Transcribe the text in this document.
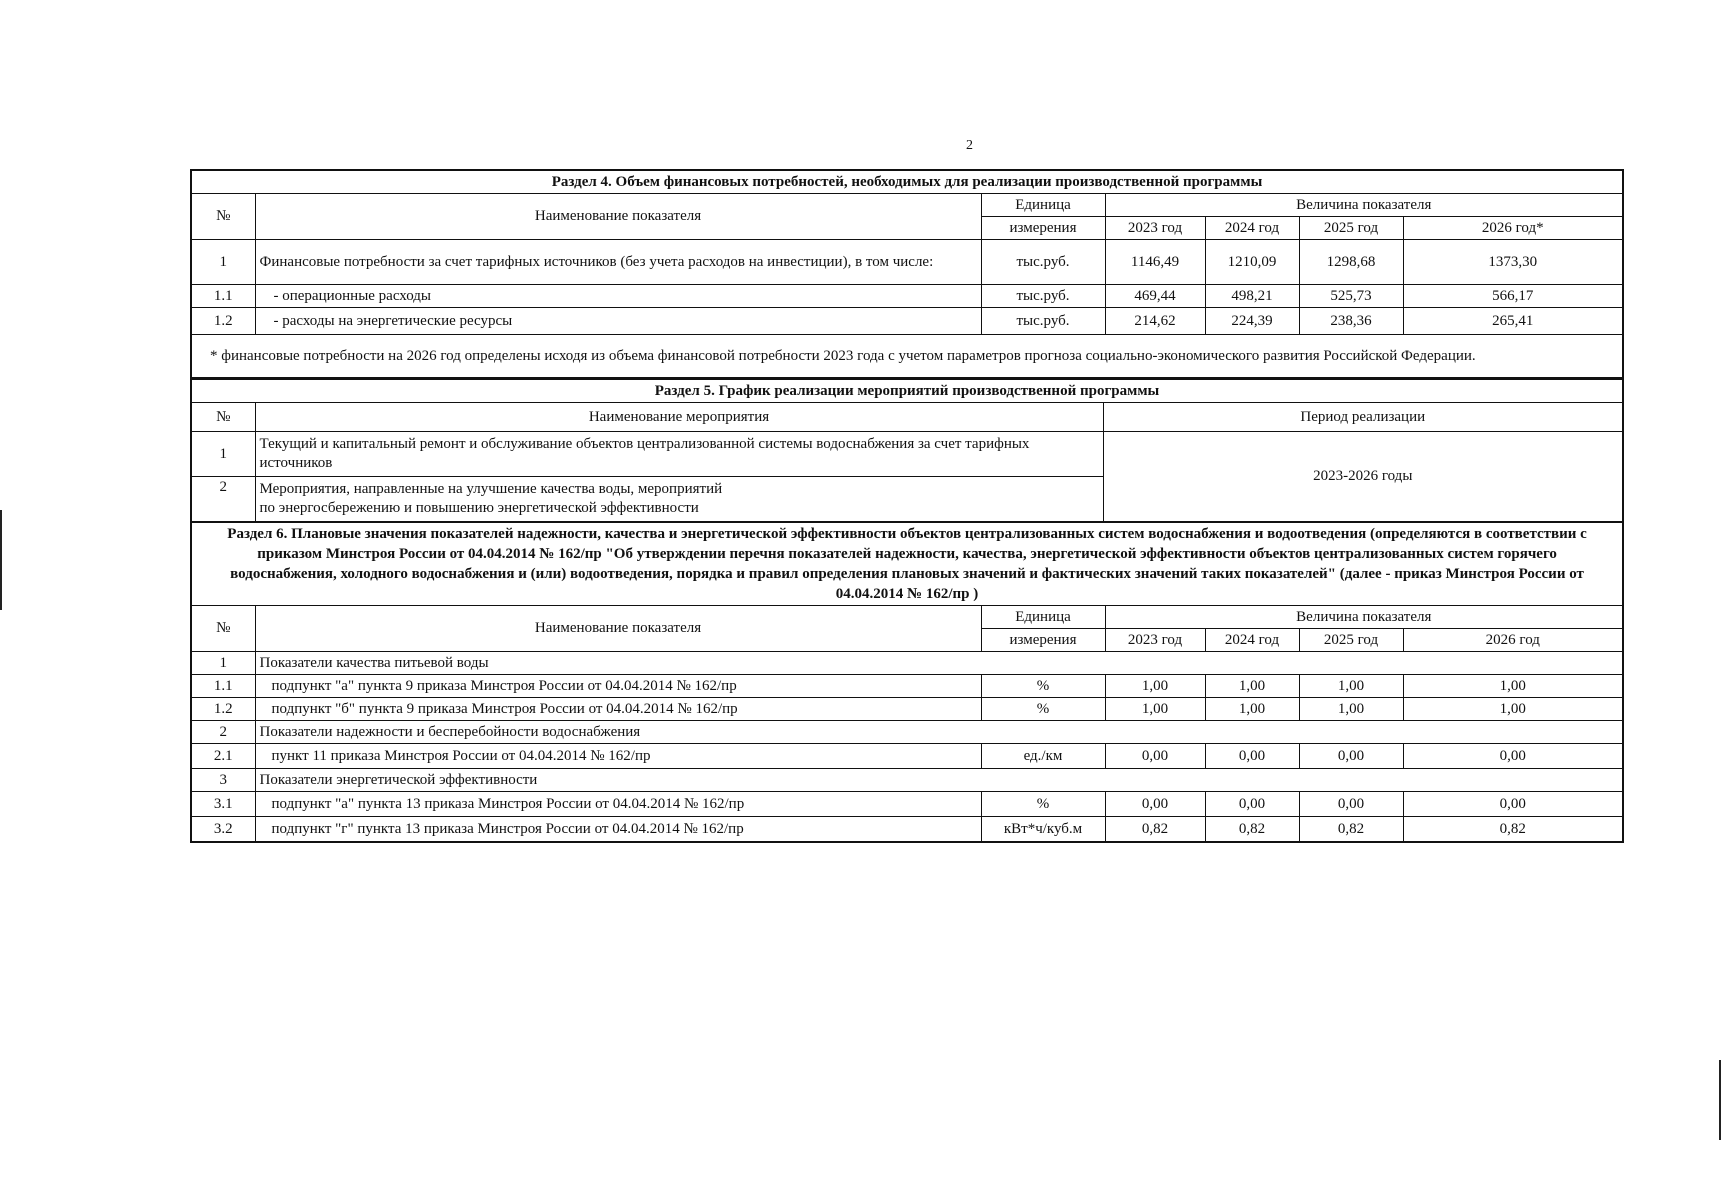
2
Раздел 4. Объем финансовых потребностей, необходимых для реализации производственной программы						
№	Наименование показателя	Единица	Величина показателя			
		измерения	2023 год	2024 год	2025 год	2026 год*
1	Финансовые потребности за счет тарифных источников (без учета расходов на инвестиции), в том числе:	тыс.руб.	1146,49	1210,09	1298,68	1373,30
1.1	- операционные расходы	тыс.руб.	469,44	498,21	525,73	566,17
1.2	- расходы на энергетические ресурсы	тыс.руб.	214,62	224,39	238,36	265,41
* финансовые потребности на 2026 год определены исходя из объема финансовой потребности 2023 года с учетом параметров прогноза социально-экономического развития Российской Федерации.						
Раздел 5. График реализации мероприятий производственной программы		
№	Наименование мероприятия	Период реализации
1	Текущий и капитальный ремонт и обслуживание объектов централизованной системы водоснабжения за счет тарифных источников	2023-2026 годы
2	Мероприятия, направленные на улучшение качества воды, мероприятий
по энергосбережению и повышению энергетической эффективности	
Раздел 6. Плановые значения показателей надежности, качества и энергетической эффективности объектов централизованных систем водоснабжения и водоотведения (определяются в соответствии с приказом Минстроя России от 04.04.2014 № 162/пр "Об утверждении перечня показателей надежности, качества, энергетической эффективности объектов централизованных систем горячего водоснабжения, холодного водоснабжения и (или) водоотведения, порядка и правил определения плановых значений и фактических значений таких показателей" (далее - приказ Минстроя России от 04.04.2014 № 162/пр )						
№	Наименование показателя	Единица	Величина показателя			
		измерения	2023 год	2024 год	2025 год	2026 год
1	Показатели качества питьевой воды					
1.1	подпункт "а" пункта 9 приказа Минстроя России от 04.04.2014 № 162/пр	%	1,00	1,00	1,00	1,00
1.2	подпункт "б" пункта 9 приказа Минстроя России от 04.04.2014 № 162/пр	%	1,00	1,00	1,00	1,00
2	Показатели надежности и бесперебойности водоснабжения					
2.1	пункт 11 приказа Минстроя России от 04.04.2014 № 162/пр	ед./км	0,00	0,00	0,00	0,00
3	Показатели энергетической эффективности					
3.1	подпункт "а" пункта 13 приказа Минстроя России от 04.04.2014 № 162/пр	%	0,00	0,00	0,00	0,00
3.2	подпункт "г" пункта 13 приказа Минстроя России от 04.04.2014 № 162/пр	кВт*ч/куб.м	0,82	0,82	0,82	0,82
